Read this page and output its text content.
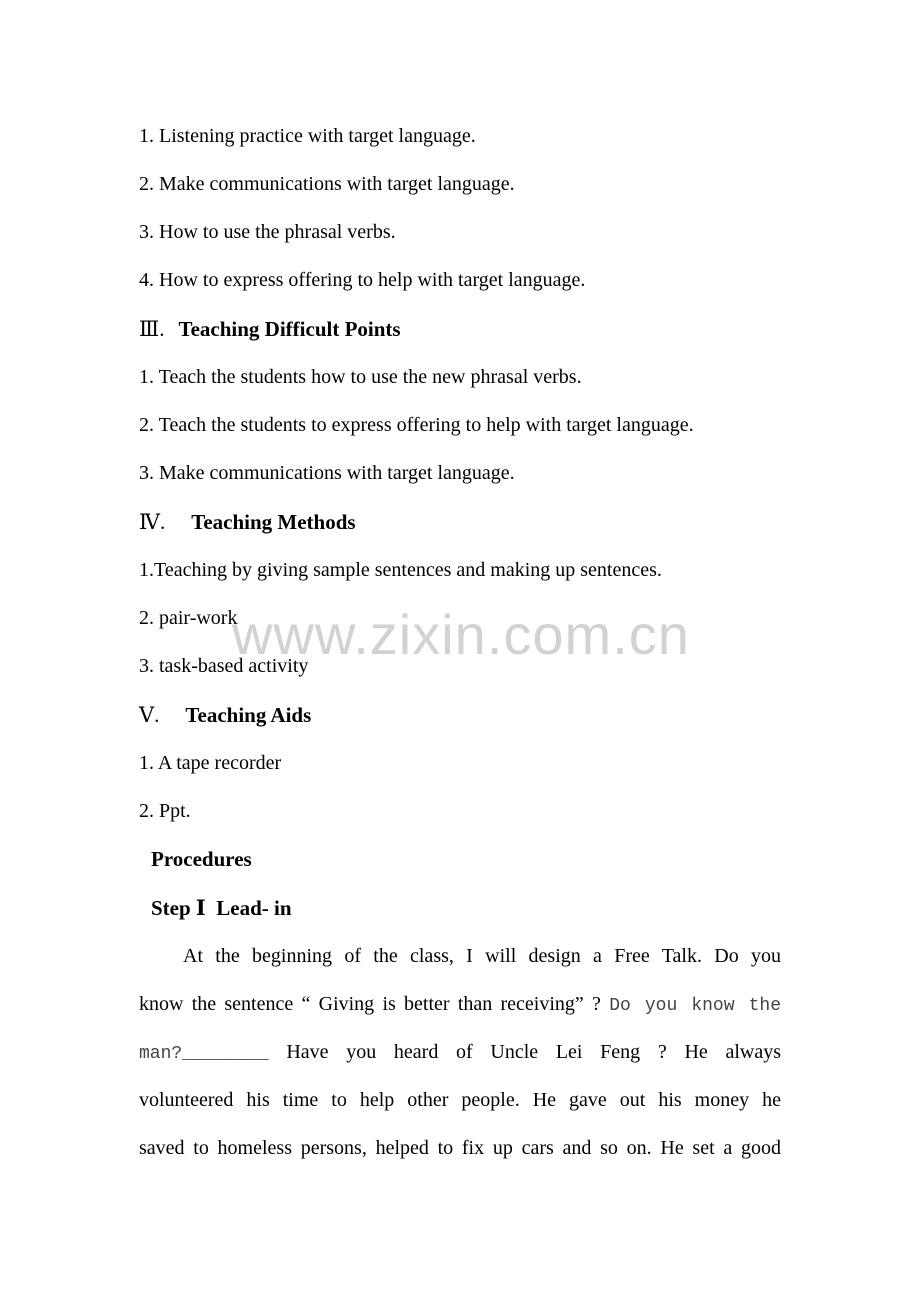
1. Listening practice with target language.
2. Make communications with target language.
3. How to use the phrasal verbs.
4. How to express offering to help with target language.
Ⅲ. Teaching Difficult Points
1. Teach the students how to use the new phrasal verbs.
2. Teach the students to express offering to help with target language.
3. Make communications with target language.
Ⅳ. Teaching Methods
1.Teaching by giving sample sentences and making up sentences.
2. pair-work
3. task-based activity
Ⅴ. Teaching Aids
1. A tape recorder
2. Ppt.
Procedures
Step Ⅰ  Lead- in
At the beginning of the class, I will design a Free Talk. Do you
know the sentence “ Giving is better than receiving” ? Do you know the
man?________ Have you heard of Uncle Lei Feng ? He always
volunteered his time to help other people. He gave out his money he
saved to homeless persons, helped to fix up cars and so on. He set a good
www.zixin.com.cn
